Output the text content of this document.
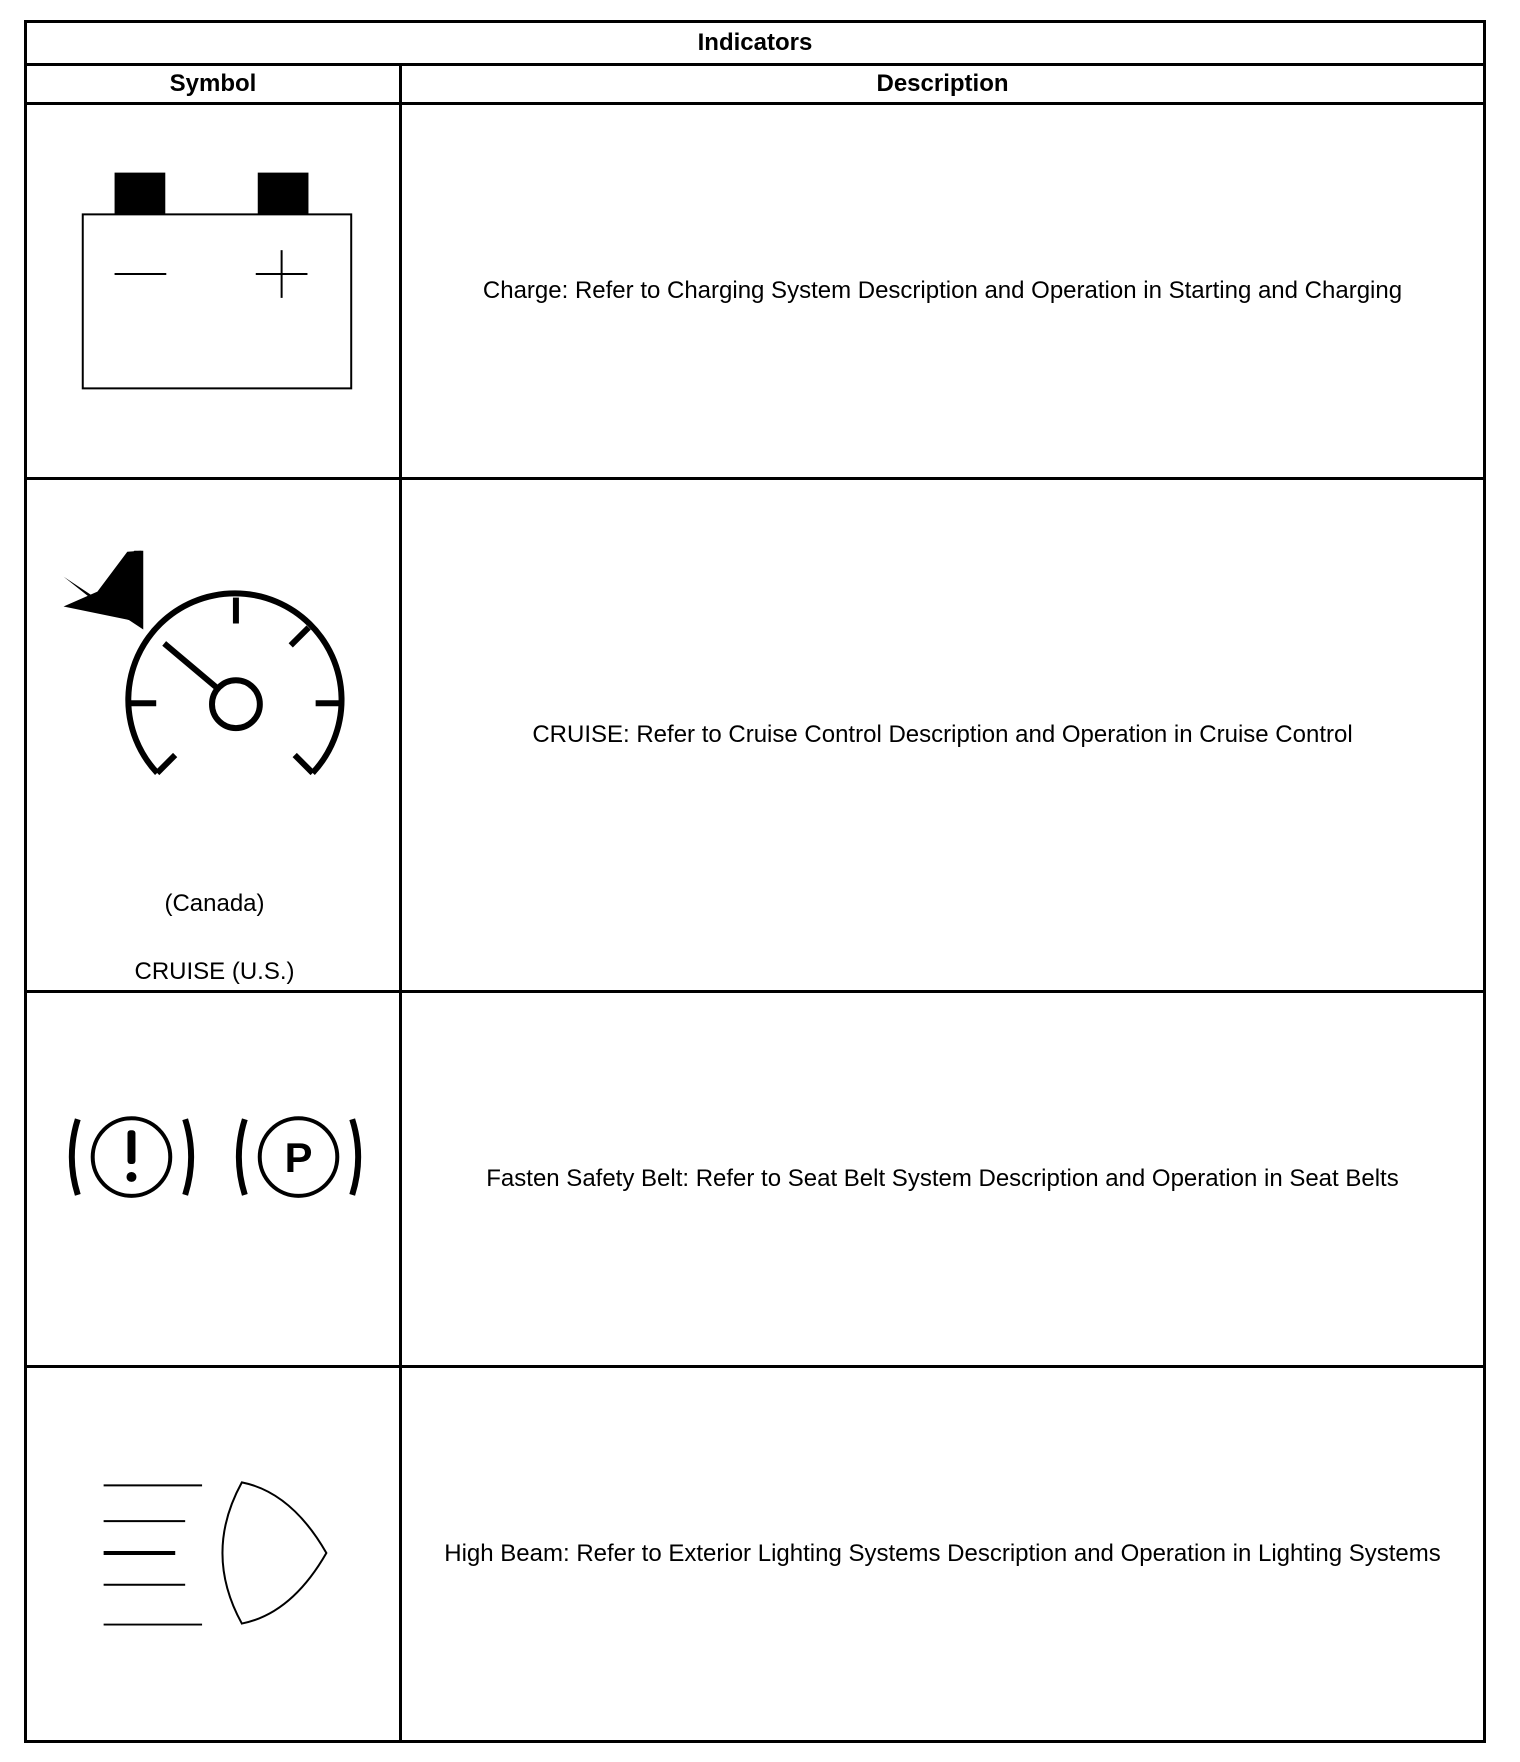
Indicators	
Symbol	Description

	Charge: Refer to Charging System Description and Operation in Starting and Charging

(Canada)
CRUISE (U.S.)	CRUISE: Refer to Cruise Control Description and Operation in Cruise Control

P	Fasten Safety Belt: Refer to Seat Belt System Description and Operation in Seat Belts

	High Beam: Refer to Exterior Lighting Systems Description and Operation in Lighting Systems
